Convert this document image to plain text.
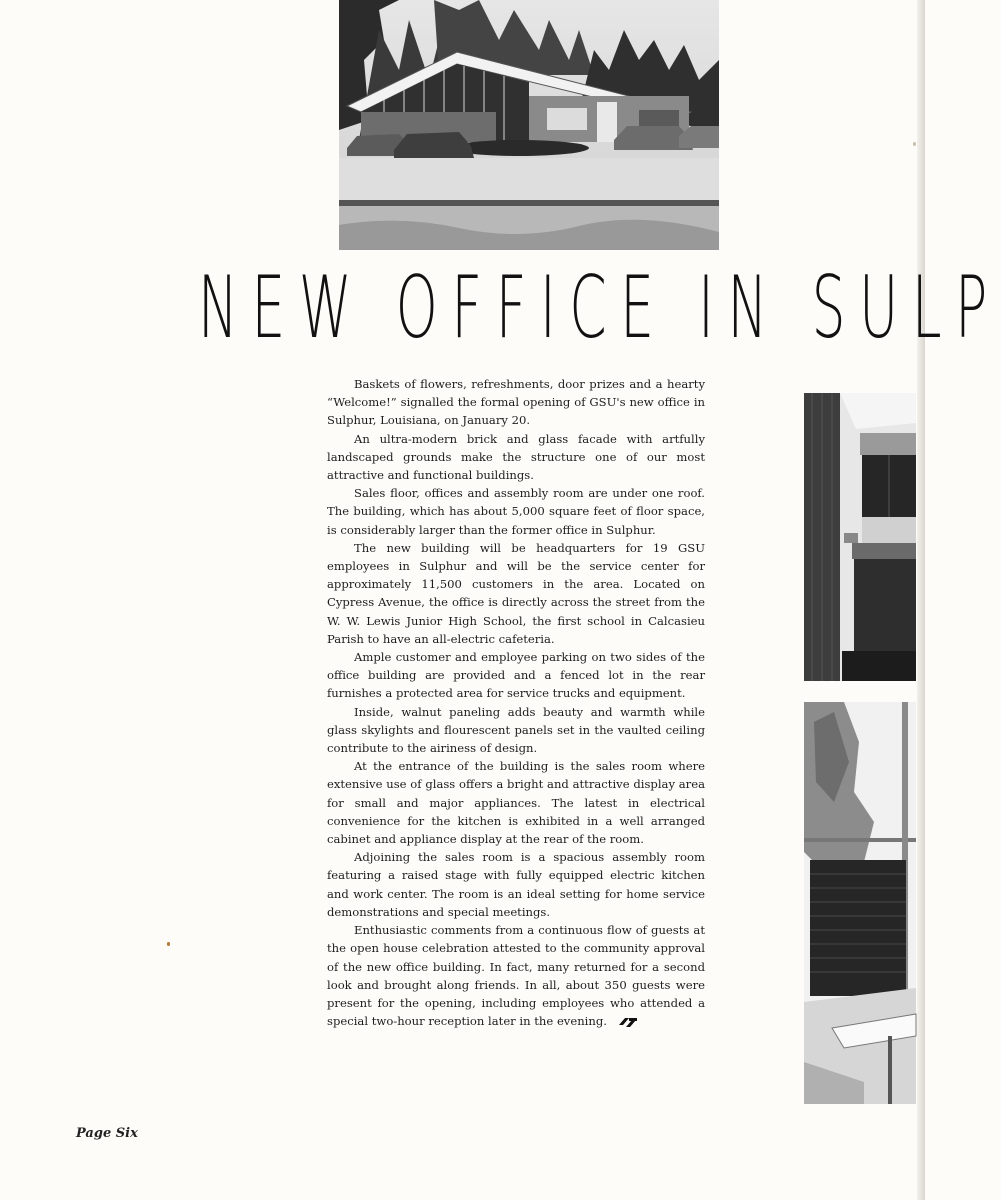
NEW OFFICE IN SULP

Baskets of flowers, refreshments, door prizes and a hearty “Welcome!” signalled the formal opening of GSU's new office in Sulphur, Louisiana, on January 20.

An ultra-modern brick and glass facade with artfully landscaped grounds make the structure one of our most attractive and functional buildings.

Sales floor, offices and assembly room are under one roof. The building, which has about 5,000 square feet of floor space, is considerably larger than the former office in Sulphur.

The new building will be headquarters for 19 GSU employees in Sulphur and will be the service center for approximately 11,500 customers in the area. Located on Cypress Avenue, the office is directly across the street from the W. W. Lewis Junior High School, the first school in Calcasieu Parish to have an all-electric cafeteria.

Ample customer and employee parking on two sides of the office building are provided and a fenced lot in the rear furnishes a protected area for service trucks and equipment.

Inside, walnut paneling adds beauty and warmth while glass skylights and flourescent panels set in the vaulted ceiling contribute to the airiness of design.

At the entrance of the building is the sales room where extensive use of glass offers a bright and attractive display area for small and major appliances. The latest in electrical convenience for the kitchen is exhibited in a well arranged cabinet and appliance display at the rear of the room.

Adjoining the sales room is a spacious assembly room featuring a raised stage with fully equipped electric kitchen and work center. The room is an ideal setting for home service demonstrations and special meetings.

Enthusiastic comments from a continuous flow of guests at the open house celebration attested to the community approval of the new office building. In fact, many returned for a second look and brought along friends. In all, about 350 guests were present for the opening, including employees who attended a special two-hour reception later in the evening.

Page Six
